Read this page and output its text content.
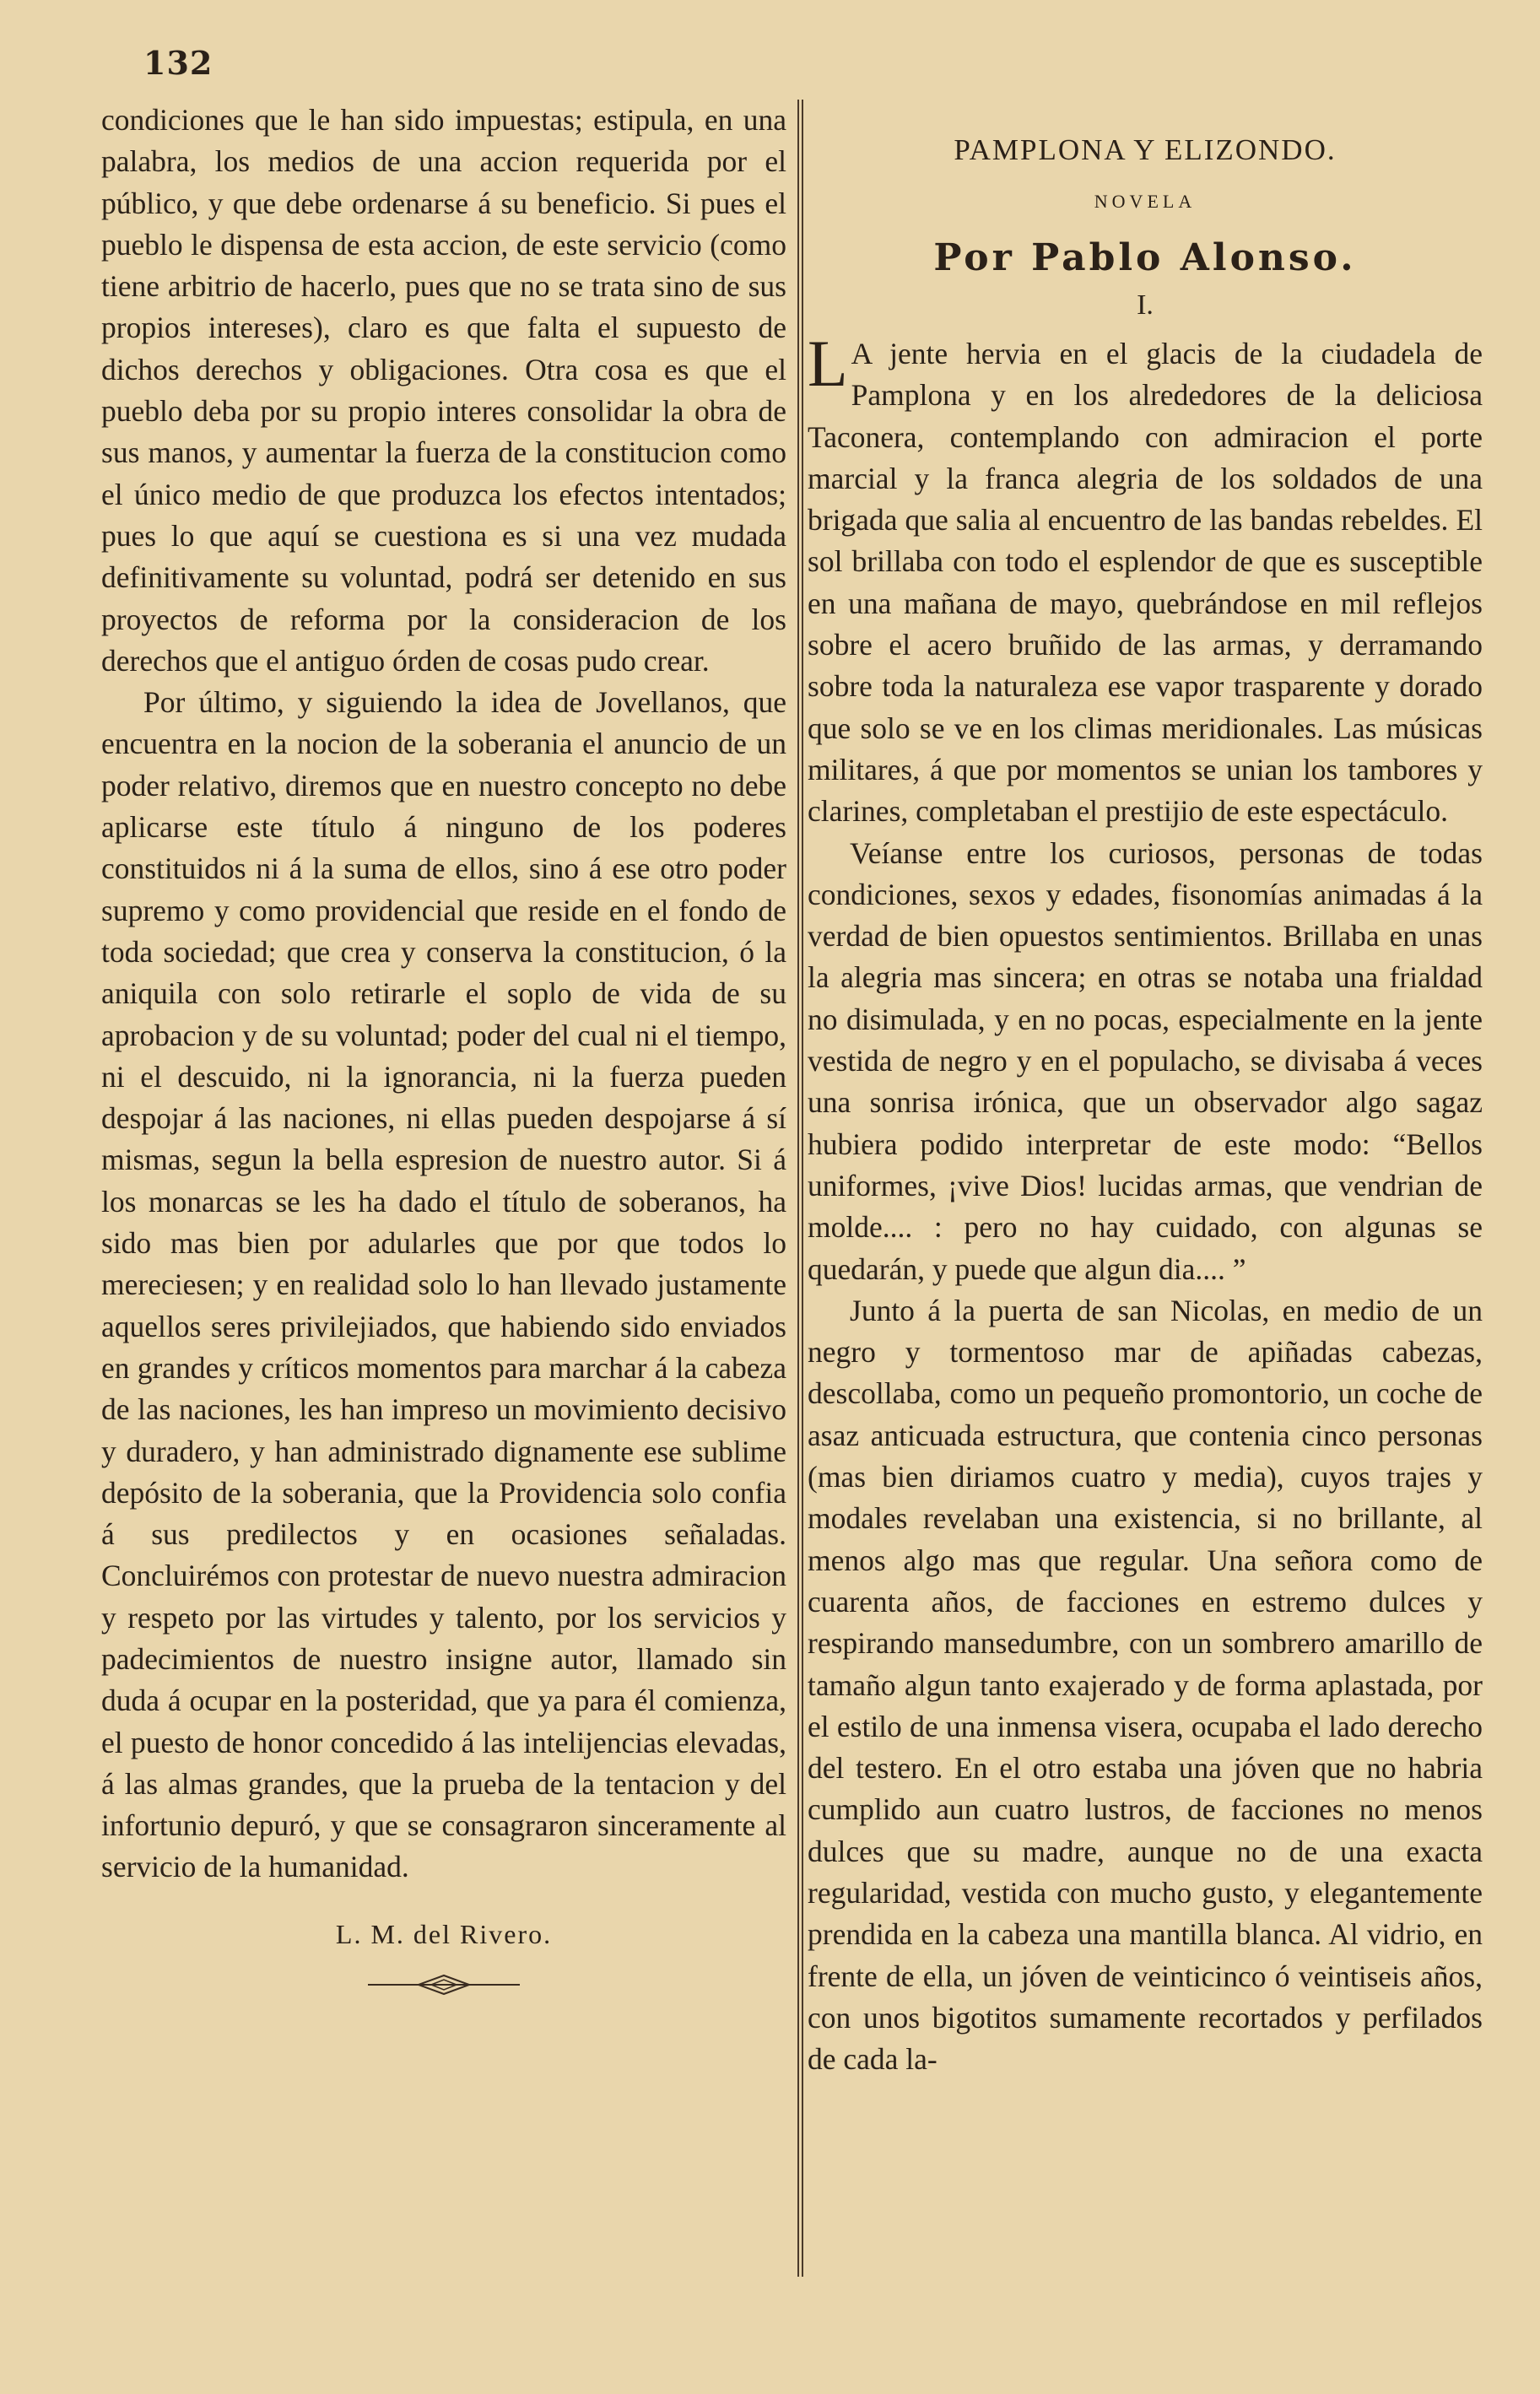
132

condiciones que le han sido impuestas; estipula, en una palabra, los medios de una accion requerida por el público, y que debe ordenarse á su beneficio. Si pues el pueblo le dispensa de esta accion, de este servicio (como tiene arbitrio de hacerlo, pues que no se trata sino de sus propios intereses), claro es que falta el supuesto de dichos derechos y obligaciones. Otra cosa es que el pueblo deba por su propio interes consolidar la obra de sus manos, y aumentar la fuerza de la constitucion como el único medio de que produzca los efectos intentados; pues lo que aquí se cuestiona es si una vez mudada definitivamente su voluntad, podrá ser detenido en sus proyectos de reforma por la consideracion de los derechos que el antiguo órden de cosas pudo crear.

Por último, y siguiendo la idea de Jovellanos, que encuentra en la nocion de la soberania el anuncio de un poder relativo, diremos que en nuestro concepto no debe aplicarse este título á ninguno de los poderes constituidos ni á la suma de ellos, sino á ese otro poder supremo y como providencial que reside en el fondo de toda sociedad; que crea y conserva la constitucion, ó la aniquila con solo retirarle el soplo de vida de su aprobacion y de su voluntad; poder del cual ni el tiempo, ni el descuido, ni la ignorancia, ni la fuerza pueden despojar á las naciones, ni ellas pueden despojarse á sí mismas, segun la bella espresion de nuestro autor. Si á los monarcas se les ha dado el título de soberanos, ha sido mas bien por adularles que por que todos lo mereciesen; y en realidad solo lo han llevado justamente aquellos seres privilejiados, que habiendo sido enviados en grandes y críticos momentos para marchar á la cabeza de las naciones, les han impreso un movimiento decisivo y duradero, y han administrado dignamente ese sublime depósito de la soberania, que la Providencia solo confia á sus predilectos y en ocasiones señaladas. Concluirémos con protestar de nuevo nuestra admiracion y respeto por las virtudes y talento, por los servicios y padecimientos de nuestro insigne autor, llamado sin duda á ocupar en la posteridad, que ya para él comienza, el puesto de honor concedido á las intelijencias elevadas, á las almas grandes, que la prueba de la tentacion y del infortunio depuró, y que se consagraron sinceramente al servicio de la humanidad.

L. M. del Rivero.
PAMPLONA Y ELIZONDO.
NOVELA
Por Pablo Alonso.
I.

L A jente hervia en el glacis de la ciudadela de Pamplona y en los alrededores de la deliciosa Taconera, contemplando con admiracion el porte marcial y la franca alegria de los soldados de una brigada que salia al encuentro de las bandas rebeldes. El sol brillaba con todo el esplendor de que es susceptible en una mañana de mayo, quebrándose en mil reflejos sobre el acero bruñido de las armas, y derramando sobre toda la naturaleza ese vapor trasparente y dorado que solo se ve en los climas meridionales. Las músicas militares, á que por momentos se unian los tambores y clarines, completaban el prestijio de este espectáculo.

Veíanse entre los curiosos, personas de todas condiciones, sexos y edades, fisonomías animadas á la verdad de bien opuestos sentimientos. Brillaba en unas la alegria mas sincera; en otras se notaba una frialdad no disimulada, y en no pocas, especialmente en la jente vestida de negro y en el populacho, se divisaba á veces una sonrisa irónica, que un observador algo sagaz hubiera podido interpretar de este modo: “Bellos uniformes, ¡vive Dios! lucidas armas, que vendrian de molde.... : pero no hay cuidado, con algunas se quedarán, y puede que algun dia.... ”

Junto á la puerta de san Nicolas, en medio de un negro y tormentoso mar de apiñadas cabezas, descollaba, como un pequeño promontorio, un coche de asaz anticuada estructura, que contenia cinco personas (mas bien diriamos cuatro y media), cuyos trajes y modales revelaban una existencia, si no brillante, al menos algo mas que regular. Una señora como de cuarenta años, de facciones en estremo dulces y respirando mansedumbre, con un sombrero amarillo de tamaño algun tanto exajerado y de forma aplastada, por el estilo de una inmensa visera, ocupaba el lado derecho del testero. En el otro estaba una jóven que no habria cumplido aun cuatro lustros, de facciones no menos dulces que su madre, aunque no de una exacta regularidad, vestida con mucho gusto, y elegantemente prendida en la cabeza una mantilla blanca. Al vidrio, en frente de ella, un jóven de veinticinco ó veintiseis años, con unos bigotitos sumamente recortados y perfilados de cada la-
